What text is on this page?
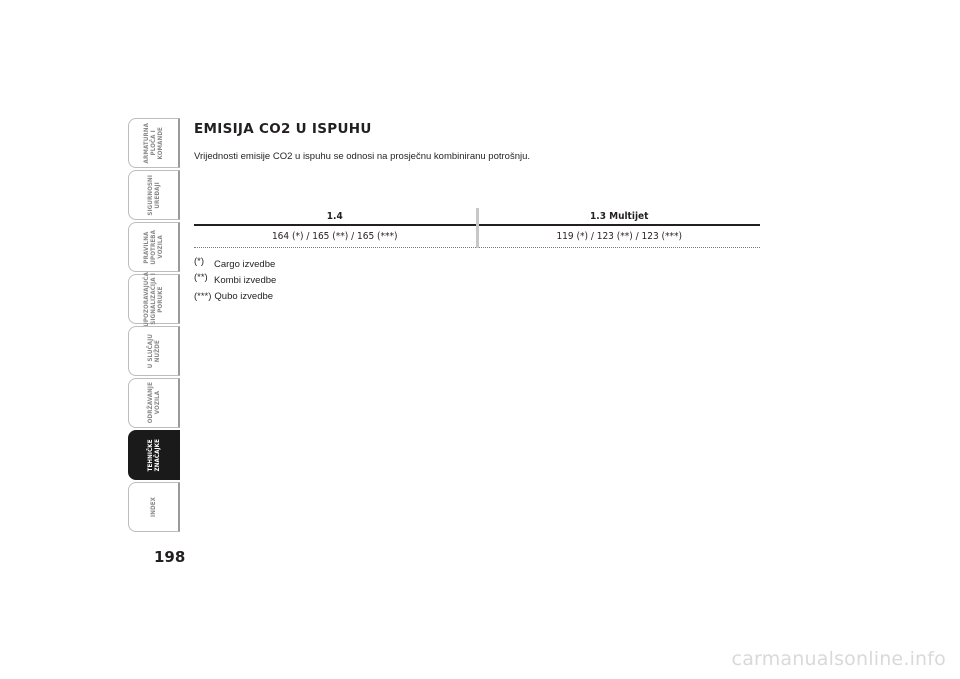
ARMATURNA
PLOČA I
KOMANDE
SIGURNOSNI
UREĐAJI
PRAVILNA
UPOTREBA
VOZILA
UPOZORAVAJUĆA
SIGNALIZACIJA I
PORUKE
U SLUČAJU
NUŽDE
ODRŽAVANJE
VOZILA
TEHNIČKE
ZNAČAJKE
INDEX
198
EMISIJA CO2 U ISPUHU

Vrijednosti emisije CO2 u ispuhu se odnosi na prosječnu kombiniranu potrošnju.

1.4	1.3 Multijet
164 (*) / 165 (**) / 165 (***)	119 (*) / 123 (**) / 123 (***)
(*)	Cargo izvedbe
(**) Kombi izvedbe
(***) Qubo izvedbe
carmanualsonline.info
